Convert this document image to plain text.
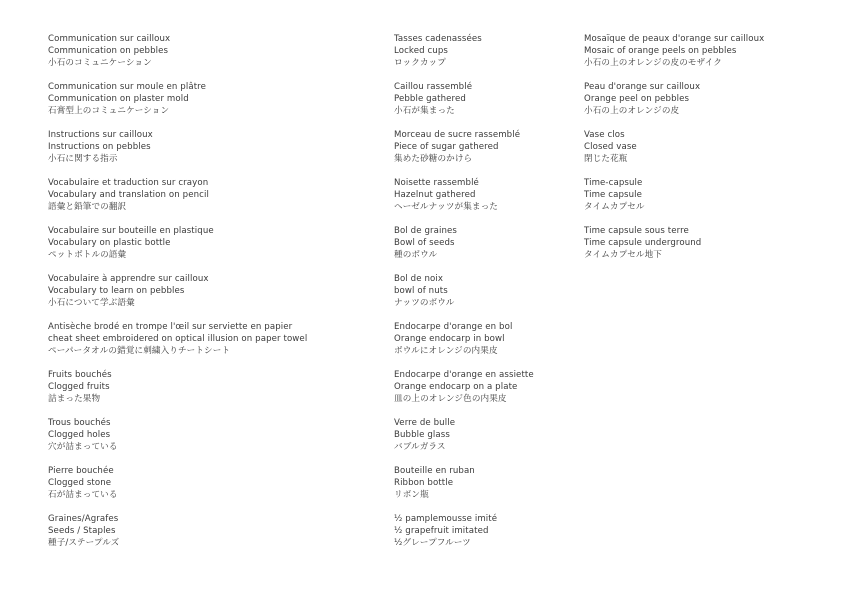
Communication sur cailloux
Communication on pebbles
小石のコミュニケーション
Communication sur moule en plâtre
Communication on plaster mold
石膏型上のコミュニケーション
Instructions sur cailloux
Instructions on pebbles
小石に関する指示
Vocabulaire et traduction sur crayon
Vocabulary and translation on pencil
語彙と鉛筆での翻訳
Vocabulaire sur bouteille en plastique
Vocabulary on plastic bottle
ペットボトルの語彙
Vocabulaire à apprendre sur cailloux
Vocabulary to learn on pebbles
小石について学ぶ語彙
Antisèche brodé en trompe l'œil sur serviette en papier
cheat sheet embroidered on optical illusion on paper towel
ペーパータオルの錯覚に刺繍入りチートシート
Fruits bouchés
Clogged fruits
詰まった果物
Trous bouchés
Clogged holes
穴が詰まっている
Pierre bouchée
Clogged stone
石が詰まっている
Graines/Agrafes
Seeds / Staples
種子/ステープルズ
Tasses cadenassées
Locked cups
ロックカップ
Caillou rassemblé
Pebble gathered
小石が集まった
Morceau de sucre rassemblé
Piece of sugar gathered
集めた砂糖のかけら
Noisette rassemblé
Hazelnut gathered
ヘーゼルナッツが集まった
Bol de graines
Bowl of seeds
種のボウル
Bol de noix
bowl of nuts
ナッツのボウル
Endocarpe d'orange en bol
Orange endocarp in bowl
ボウルにオレンジの内果皮
Endocarpe d'orange en assiette
Orange endocarp on a plate
皿の上のオレンジ色の内果皮
Verre de bulle
Bubble glass
バブルガラス
Bouteille en ruban
Ribbon bottle
リボン瓶
½ pamplemousse imité
½ grapefruit imitated
½グレープフルーツ
Mosaïque de peaux d'orange sur cailloux
Mosaic of orange peels on pebbles
小石の上のオレンジの皮のモザイク
Peau d'orange sur cailloux
Orange peel on pebbles
小石の上のオレンジの皮
Vase clos
Closed vase
閉じた花瓶
Time-capsule
Time capsule
タイムカプセル
Time capsule sous terre
Time capsule underground
タイムカプセル地下
